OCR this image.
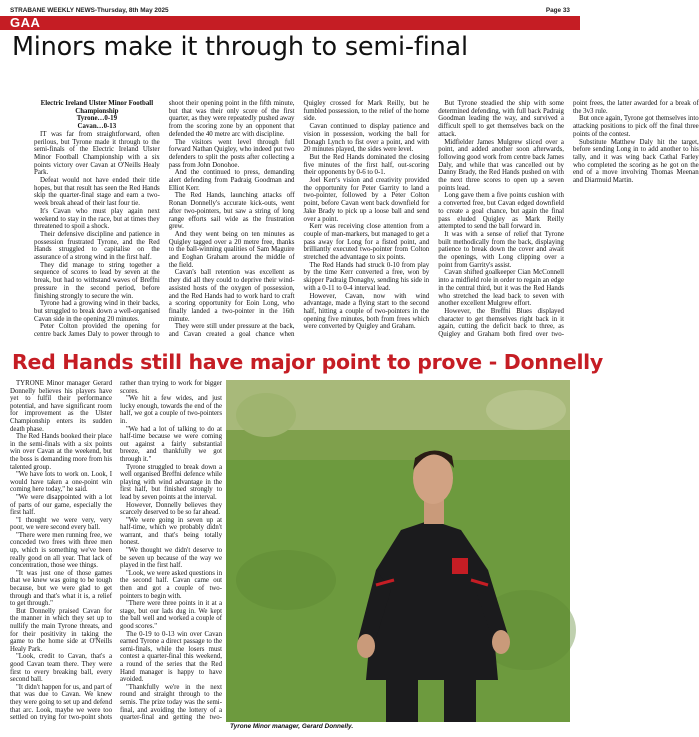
STRABANE WEEKLY NEWS-Thursday, 8th May 2025	Page 33
GAA
Minors make it through to semi-final

Electric Ireland Ulster Minor Football Championship

Tyrone…0-19

Cavan…0-13

IT was far from straightforward, often perilous, but Tyrone made it through to the semi-finals of the Electric Ireland Ulster Minor Football Championship with a six points victory over Cavan at O'Neills Healy Park.

Defeat would not have ended their title hopes, but that result has seen the Red Hands skip the quarter-final stage and earn a two-week break ahead of their last four tie.

It's Cavan who must play again next weekend to stay in the race, but at times they threatened to spoil a shock.

Their defensive discipline and patience in possession frustrated Tyrone, and the Red Hands struggled to capitalise on the assurance of a strong wind in the first half.

They did manage to string together a sequence of scores to lead by seven at the break, but had to withstand waves of Breffni pressure in the second period, before finishing strongly to secure the win.

Tyrone had a growing wind in their backs, but struggled to break down a well-organised Cavan side in the opening 20 minutes.

Peter Colton provided the opening for centre back James Daly to power through to shoot their opening point in the fifth minute, but that was their only score of the first quarter, as they were repeatedly pushed away from the scoring zone by an opponent that defended the 40 metre arc with discipline.

The visitors went level through full forward Nathan Quigley, who indeed put two defenders to split the posts after collecting a pass from John Donohoe.

And the continued to press, demanding alert defending from Padraig Goodman and Elliot Kerr.

The Red Hands, launching attacks off Ronan Donnelly's accurate kick-outs, went after two-pointers, but saw a string of long range efforts sail wide as the frustration grew.

And they went being on ten minutes as Quigley tagged over a 20 metre free, thanks to the ball-winning qualities of Sam Maguire and Eoghan Graham around the middle of the field.

Cavan's ball retention was excellent as they did all they could to deprive their wind-assisted hosts of the oxygen of possession, and the Red Hands had to work hard to craft a scoring opportunity for Eoin Long, who finally landed a two-pointer in the 16th minute.

They were still under pressure at the back, and Cavan created a goal chance when Quigley crossed for Mark Reilly, but he fumbled possession, to the relief of the home side.

Cavan continued to display patience and vision in possession, working the ball for Donagh Lynch to fist over a point, and with 20 minutes played, the sides were level.

But the Red Hands dominated the closing five minutes of the first half, out-scoring their opponents by 0-6 to 0-1.

Joel Kerr's vision and creativity provided the opportunity for Peter Garrity to land a two-pointer, followed by a Peter Colton point, before Cavan went back downfield for Jake Brady to pick up a loose ball and send over a point.

Kerr was receiving close attention from a couple of man-markers, but managed to get a pass away for Long for a fisted point, and brilliantly executed two-pointer from Colton stretched the advantage to six points.

The Red Hands had struck 0-10 from play by the time Kerr converted a free, won by skipper Padraig Donaghy, sending his side in with a 0-11 to 0-4 interval lead.

However, Cavan, now with wind advantage, made a flying start to the second half, hitting a couple of two-pointers in the opening five minutes, both from frees which were converted by Quigley and Graham.

But Tyrone steadied the ship with some determined defending, with full back Padraig Goodman leading the way, and survived a difficult spell to get themselves back on the attack.

Midfielder James Mulgrew sliced over a point, and added another soon afterwards, following good work from centre back James Daly, and while that was cancelled out by Danny Brady, the Red Hands pushed on with the next three scores to open up a seven points lead.

Long gave them a five points cushion with a converted free, but Cavan edged downfield to create a goal chance, but again the final pass eluded Quigley as Mark Reilly attempted to send the ball forward in.

It was with a sense of relief that Tyrone built methodically from the back, displaying patience to break down the cover and await the openings, with Long clipping over a point from Garrity's assist.

Cavan shifted goalkeeper Cian McConnell into a midfield role in order to regain an edge in the central third, but it was the Red Hands who stretched the lead back to seven with another excellent Mulgrew effort.

However, the Breffni Blues displayed character to get themselves right back in it again, cutting the deficit back to three, as Quigley and Graham both fired over two-point frees, the latter awarded for a break of the 3v3 rule.

But once again, Tyrone got themselves into attacking positions to pick off the final three points of the contest.

Substitute Matthew Daly hit the target, before sending Long in to add another to his tally, and it was wing back Cathal Farley who completed the scoring as he got on the end of a move involving Thomas Meenan and Diarmuid Martin.

Red Hands still have major point to prove - Donnelly

TYRONE Minor manager Gerard Donnelly believes his players have yet to fulfil their performance potential, and have significant room for improvement as the Ulster Championship enters its sudden death phase.

The Red Hands booked their place in the semi-finals with a six points win over Cavan at the weekend, but the boss is demanding more from his talented group.

"We have lots to work on. Look, I would have taken a one-point win coming here today," he said.

"We were disappointed with a lot of parts of our game, especially the first half.

"I thought we were very, very poor, we were second every ball.

"There were men running free, we conceded two frees with three men up, which is something we've been really good on all year. That lack of concentration, those wee things.

"It was just one of those games that we knew was going to be tough because, but we were glad to get through and that's what it is, a relief to get through."

But Donnelly praised Cavan for the manner in which they set up to nullify the main Tyrone threats, and for their positivity in taking the game to the home side at O'Neills Healy Park.

"Look, credit to Cavan, that's a good Cavan team there. They were first to every breaking ball, every second ball.

"It didn't happen for us, and part of that was due to Cavan. We knew they were going to set up and defend that arc. Look, maybe we were too settled on trying for two-point shots rather than trying to work for bigger scores.

"We hit a few wides, and just lucky enough, towards the end of the half, we got a couple of two-pointers in.

"We had a lot of talking to do at half-time because we were coming out against a fairly substantial breeze, and thankfully we got through it."

Tyrone struggled to break down a well organised Breffni defence while playing with wind advantage in the first half, but finished strongly to lead by seven points at the interval.

However, Donnelly believes they scarcely deserved to be so far ahead.

"We were going in seven up at half-time, which we probably didn't warrant, and that's being totally honest.

"We thought we didn't deserve to be seven up because of the way we played in the first half.

"Look, we were asked questions in the second half. Cavan came out then and got a couple of two-pointers to begin with.

"There were three points in it at a stage, but our lads dug in. We kept the ball well and worked a couple of good scores."

The 0-19 to 0-13 win over Cavan earned Tyrone a direct passage to the semi-finals, while the losers must contest a quarter-final this weekend, a round of the series that the Red Hand manager is happy to have avoided.

"Thankfully we're in the next round and straight through to the semis. The prize today was the semi-final, and avoiding the lottery of a quarter-final and getting the two-

Tyrone Minor manager, Gerard Donnelly.
